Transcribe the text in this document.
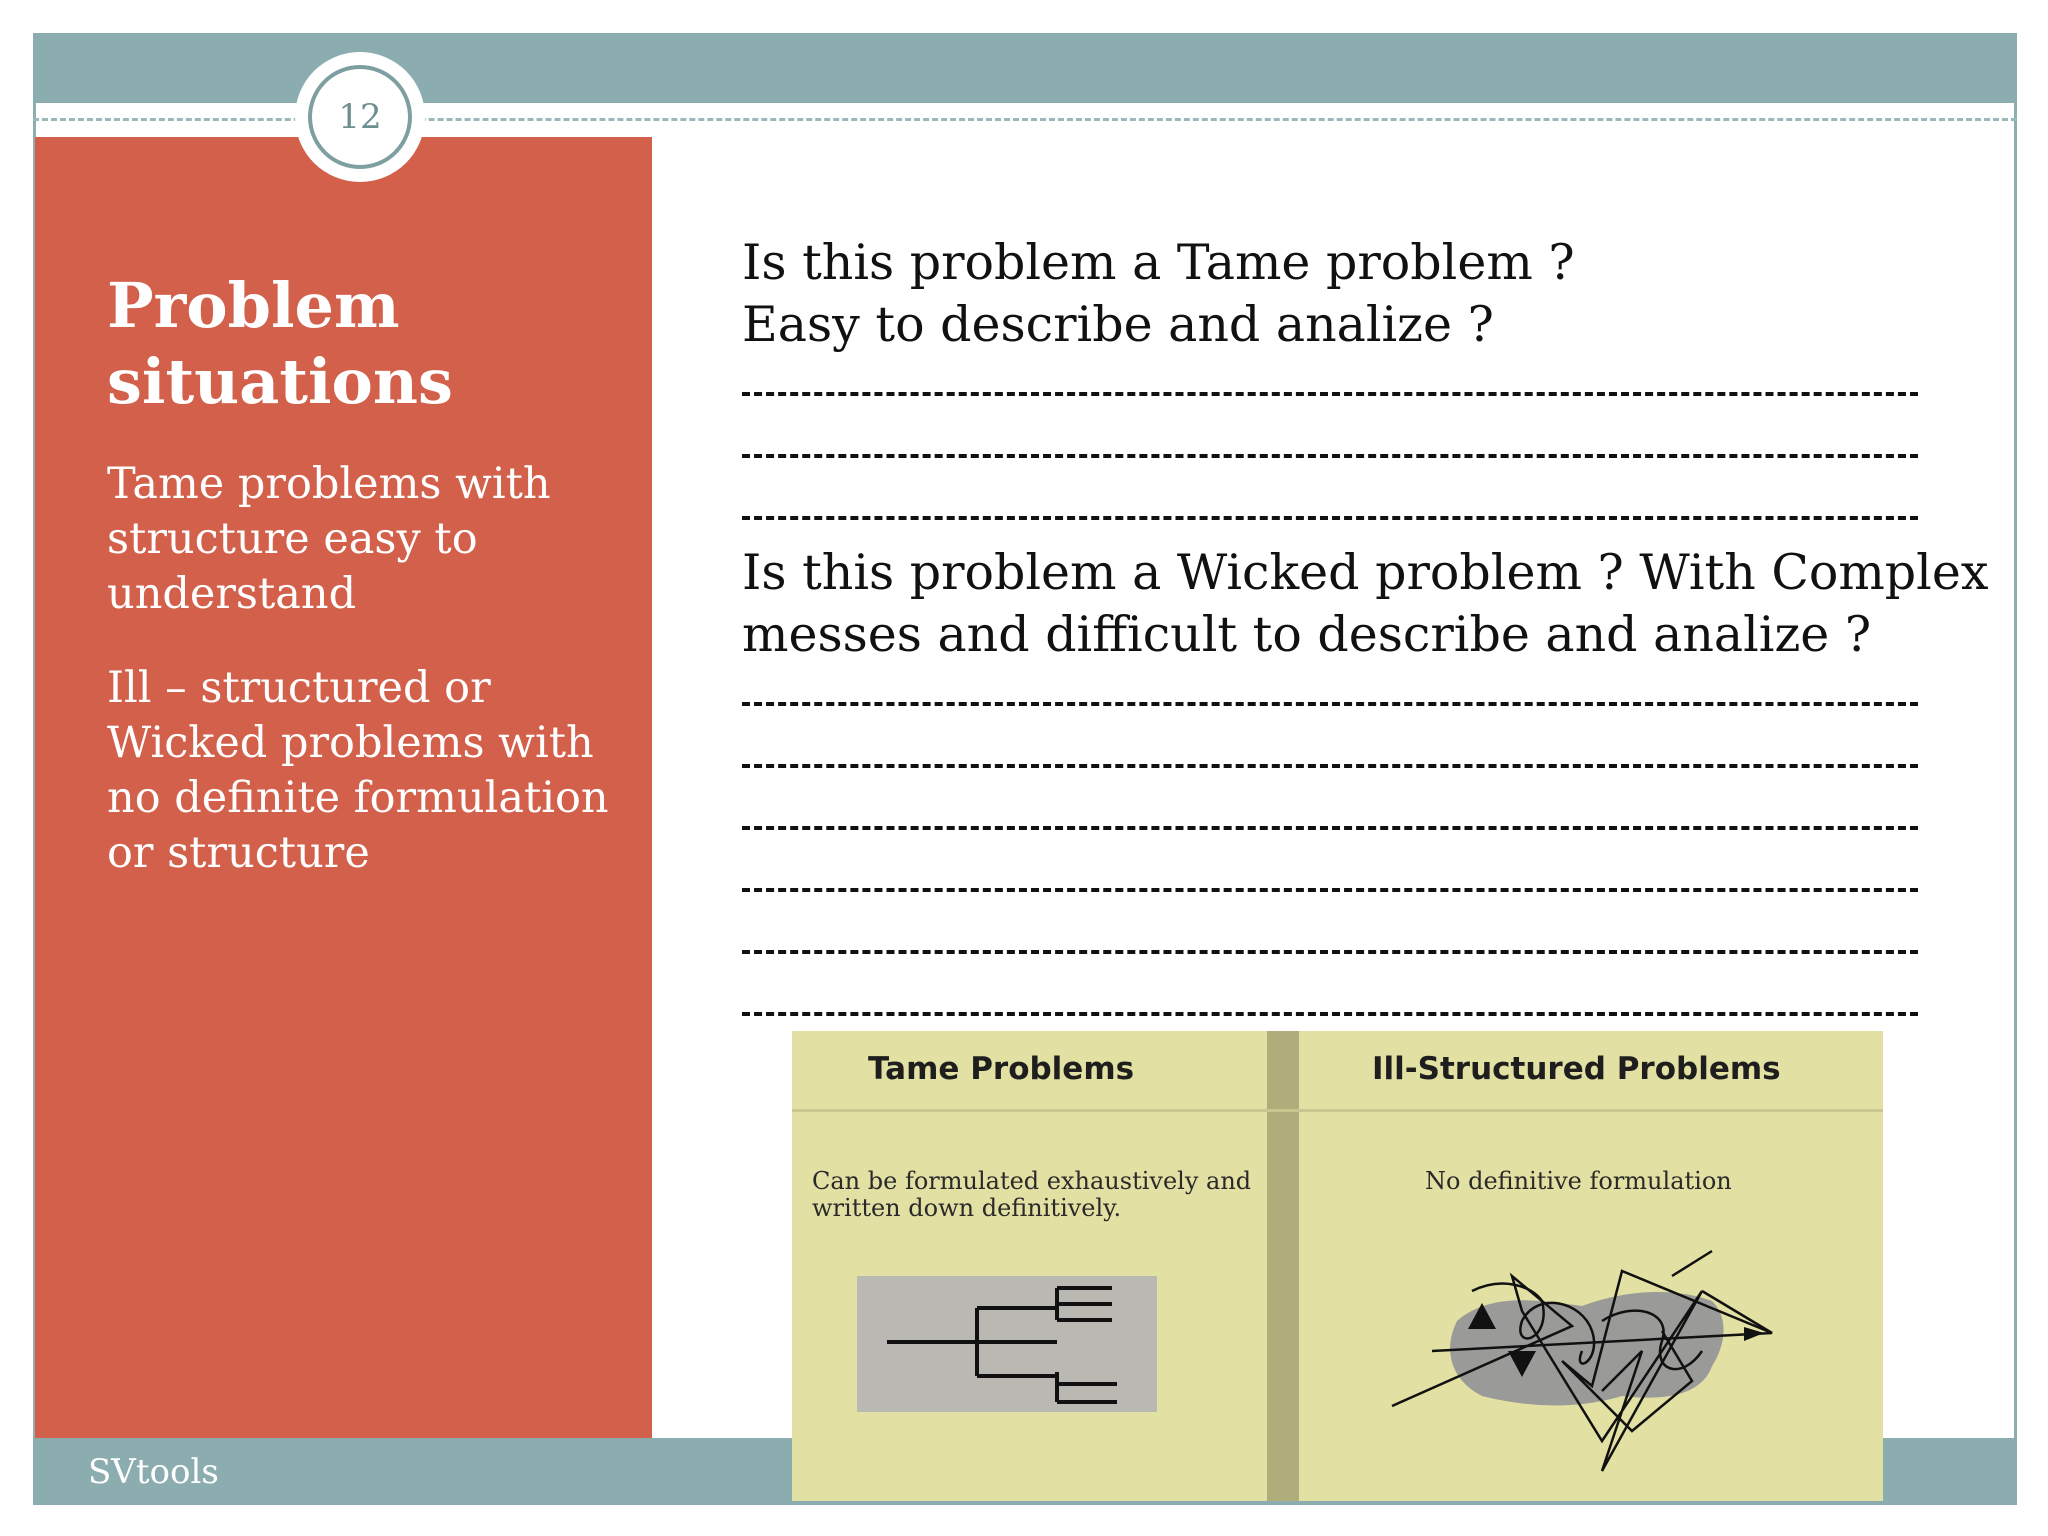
12
Problem situations
Tame problems with structure easy to understand
Ill – structured or Wicked problems with no definite formulation or structure
Is this problem a Tame problem ?
Easy to describe and analize ?
Is this problem a Wicked problem ? With Complex
messes and difficult to describe and analize ?
SVtools
Tame Problems	Ill-Structured Problems
Can be formulated exhaustively and written down definitively.
No definitive formulation
